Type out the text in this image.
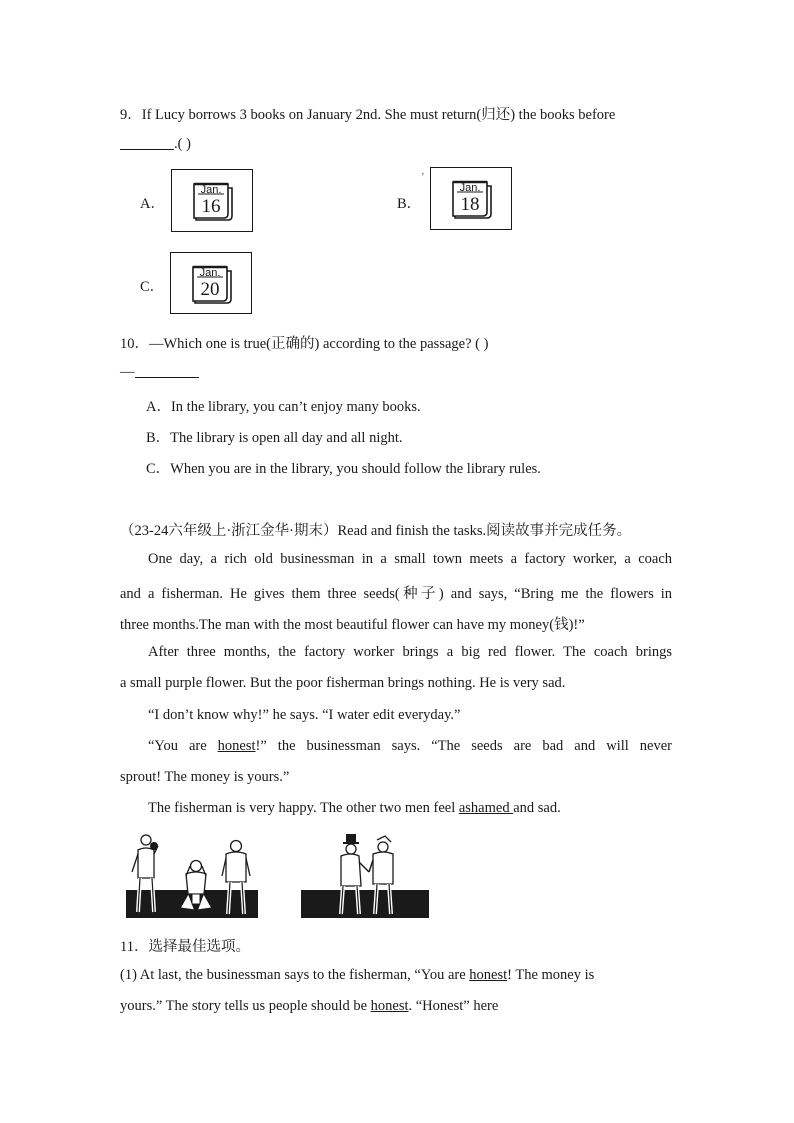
9．If Lucy borrows 3 books on January 2nd. She must return(归还) the books before
.( )
A．
Jan.
16	B．
'
Jan.
18
C．
Jan.
20
10．—Which one is true(正确的) according to the passage? ( )
—
A．In the library, you can’t enjoy many books.
B．The library is open all day and all night.
C．When you are in the library, you should follow the library rules.
（23-24六年级上·浙江金华·期末）Read and finish the tasks.阅读故事并完成任务。
One day, a rich old businessman in a small town meets a factory worker, a coach
and a fisherman. He gives them three seeds(种子) and says, “Bring me the flowers in
three months.The man with the most beautiful flower can have my money(钱)!”
After three months, the factory worker brings a big red flower. The coach brings
a small purple flower. But the poor fisherman brings nothing. He is very sad.
“I don’t know why!” he says. “I water edit everyday.”
“You are honest!” the businessman says. “The seeds are bad and will never
sprout! The money is yours.”
The fisherman is very happy. The other two men feel ashamed and sad.
11．选择最佳选项。
(1) At last, the businessman says to the fisherman, “You are honest! The money is
yours.” The story tells us people should be honest. “Honest” here
